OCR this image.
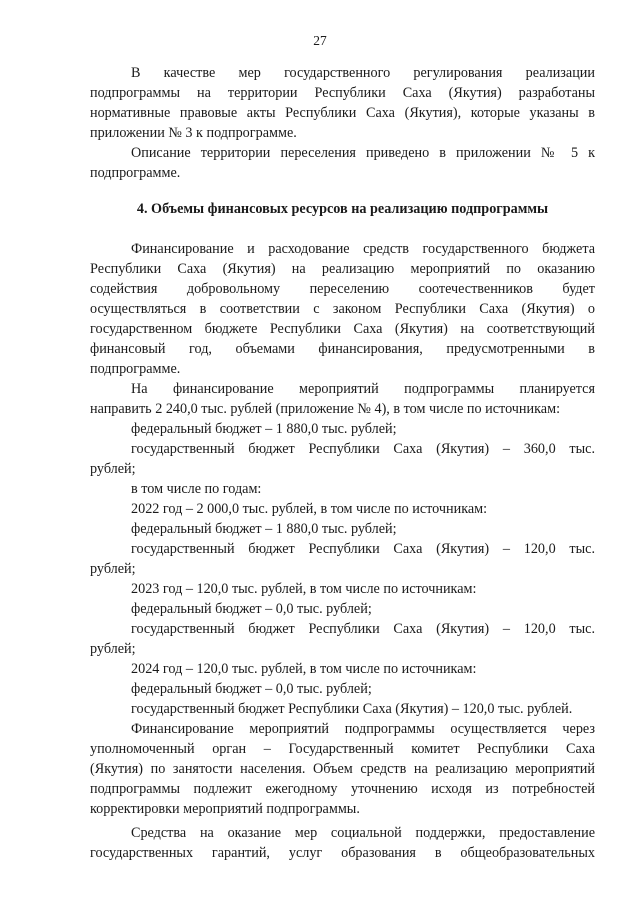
27
4. Объемы финансовых ресурсов на реализацию подпрограммы
В качестве мер государственного регулирования реализации
подпрограммы на территории Республики Саха (Якутия) разработаны
нормативные правовые акты Республики Саха (Якутия), которые указаны в
приложении № 3 к подпрограмме.
Описание территории переселения приведено в приложении № 5 к
подпрограмме.
Финансирование и расходование средств государственного бюджета
Республики Саха (Якутия) на реализацию мероприятий по оказанию
содействия добровольному переселению соотечественников будет
осуществляться в соответствии с законом Республики Саха (Якутия) о
государственном бюджете Республики Саха (Якутия) на соответствующий
финансовый год, объемами финансирования, предусмотренными в
подпрограмме.
На финансирование мероприятий подпрограммы планируется
направить 2 240,0 тыс. рублей (приложение № 4), в том числе по источникам:
федеральный бюджет – 1 880,0 тыс. рублей;
государственный бюджет Республики Саха (Якутия) – 360,0 тыс.
рублей;
в том числе по годам:
2022 год – 2 000,0 тыс. рублей, в том числе по источникам:
федеральный бюджет – 1 880,0 тыс. рублей;
государственный бюджет Республики Саха (Якутия) – 120,0 тыс.
рублей;
2023 год – 120,0 тыс. рублей, в том числе по источникам:
федеральный бюджет – 0,0 тыс. рублей;
государственный бюджет Республики Саха (Якутия) – 120,0 тыс.
рублей;
2024 год – 120,0 тыс. рублей, в том числе по источникам:
федеральный бюджет – 0,0 тыс. рублей;
государственный бюджет Республики Саха (Якутия) – 120,0 тыс. рублей.
Финансирование мероприятий подпрограммы осуществляется через
уполномоченный орган – Государственный комитет Республики Саха
(Якутия) по занятости населения. Объем средств на реализацию мероприятий
подпрограммы подлежит ежегодному уточнению исходя из потребностей
корректировки мероприятий подпрограммы.
Средства на оказание мер социальной поддержки, предоставление
государственных гарантий, услуг образования в общеобразовательных
